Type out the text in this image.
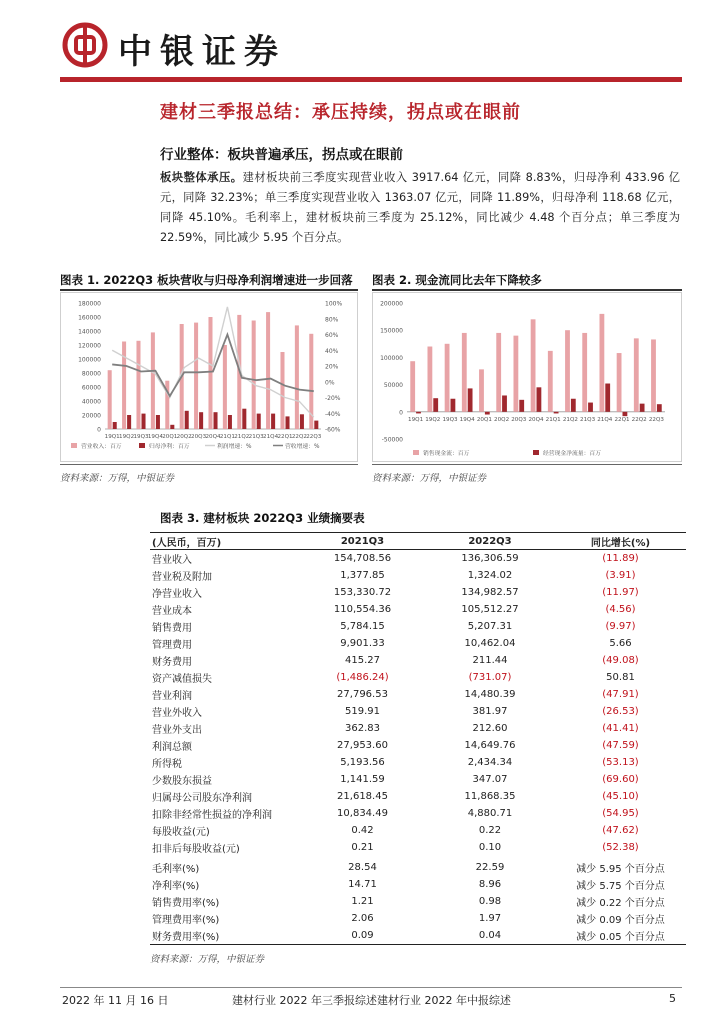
中银证券
建材三季报总结：承压持续，拐点或在眼前
行业整体：板块普遍承压，拐点或在眼前
板块整体承压。建材板块前三季度实现营业收入 3917.64 亿元，同降 8.83%，归母净利 433.96 亿元，同降 32.23%；单三季度实现营业收入 1363.07 亿元，同降 11.89%，归母净利 118.68 亿元，同降 45.10%。毛利率上，建材板块前三季度为 25.12%，同比减少 4.48 个百分点；单三季度为 22.59%，同比减少 5.95 个百分点。
图表 1. 2022Q3 板块营收与归母净利润增速进一步回落
180000
160000
140000
120000
100000
80000
60000
40000
20000
0
100%
80%
60%
40%
20%
0%
-20%
-40%
-60%
19Q1 19Q2 19Q3 19Q4 20Q1 20Q2 20Q3 20Q4 21Q1 21Q2 21Q3 21Q4 22Q1 22Q2 22Q3
营业收入：百万	归母净利：百万	利润增速：%	营收增速：%
资料来源：万得，中银证券
图表 2. 现金流同比去年下降较多
200000
150000
100000
50000
0
-50000
19Q1 19Q2 19Q3 19Q4 20Q1 20Q2 20Q3 20Q4 21Q1 21Q2 21Q3 21Q4 22Q1 22Q2 22Q3
销售现金流：百万	经营现金净流量：百万
资料来源：万得，中银证券
图表 3. 建材板块 2022Q3 业绩摘要表
(人民币，百万)	2021Q3	2022Q3	同比增长(%)
营业收入	154,708.56	136,306.59	(11.89)
营业税及附加	1,377.85	1,324.02	(3.91)
净营业收入	153,330.72	134,982.57	(11.97)
营业成本	110,554.36	105,512.27	(4.56)
销售费用	5,784.15	5,207.31	(9.97)
管理费用	9,901.33	10,462.04	5.66
财务费用	415.27	211.44	(49.08)
资产减值损失	(1,486.24)	(731.07)	50.81
营业利润	27,796.53	14,480.39	(47.91)
营业外收入	519.91	381.97	(26.53)
营业外支出	362.83	212.60	(41.41)
利润总额	27,953.60	14,649.76	(47.59)
所得税	5,193.56	2,434.34	(53.13)
少数股东损益	1,141.59	347.07	(69.60)
归属母公司股东净利润	21,618.45	11,868.35	(45.10)
扣除非经常性损益的净利润	10,834.49	4,880.71	(54.95)
每股收益(元)	0.42	0.22	(47.62)
扣非后每股收益(元)	0.21	0.10	(52.38)

毛利率(%)	28.54	22.59	减少 5.95 个百分点
净利率(%)	14.71	8.96	减少 5.75 个百分点
销售费用率(%)	1.21	0.98	减少 0.22 个百分点
管理费用率(%)	2.06	1.97	减少 0.09 个百分点
财务费用率(%)	0.09	0.04	减少 0.05 个百分点
资料来源：万得，中银证券
2022 年 11 月 16 日	建材行业 2022 年三季报综述建材行业 2022 年中报综述	5
